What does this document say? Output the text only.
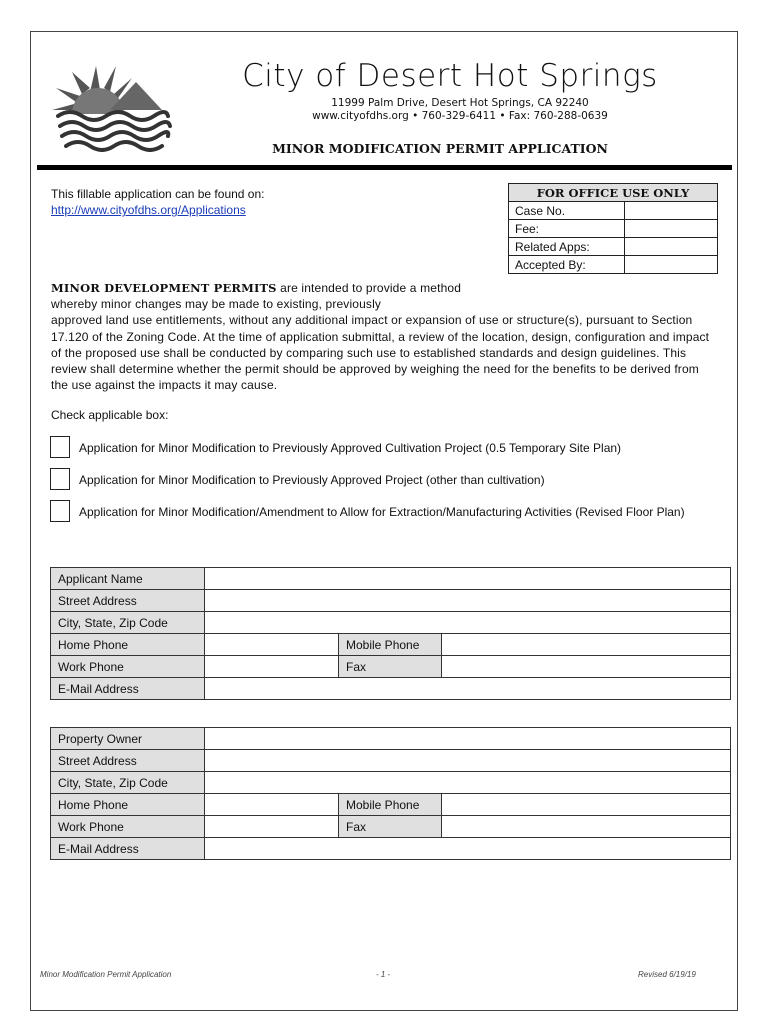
City of Desert Hot Springs
11999 Palm Drive, Desert Hot Springs, CA 92240
www.cityofdhs.org • 760-329-6411 • Fax: 760-288-0639
MINOR MODIFICATION PERMIT APPLICATION
This fillable application can be found on:
http://www.cityofdhs.org/Applications
FOR OFFICE USE ONLY	
Case No.	
Fee:	
Related Apps:	
Accepted By:	
MINOR DEVELOPMENT PERMITS are intended to provide a method
whereby minor changes may be made to existing, previously
approved land use entitlements, without any additional impact or expansion of use or structure(s), pursuant to Section 17.120 of the Zoning Code. At the time of application submittal, a review of the location, design, configuration and impact of the proposed use shall be conducted by comparing such use to established standards and design guidelines. This review shall determine whether the permit should be approved by weighing the need for the benefits to be derived from the use against the impacts it may cause.
Check applicable box:
Application for Minor Modification to Previously Approved Cultivation Project (0.5 Temporary Site Plan)
Application for Minor Modification to Previously Approved Project (other than cultivation)
Application for Minor Modification/Amendment to Allow for Extraction/Manufacturing Activities (Revised Floor Plan)
Applicant Name	
Street Address	
City, State, Zip Code	
Home Phone		Mobile Phone	
Work Phone		Fax	
E-Mail Address	
Property Owner	
Street Address	
City, State, Zip Code	
Home Phone		Mobile Phone	
Work Phone		Fax	
E-Mail Address	
Minor Modification Permit Application	- 1 -	Revised 6/19/19
